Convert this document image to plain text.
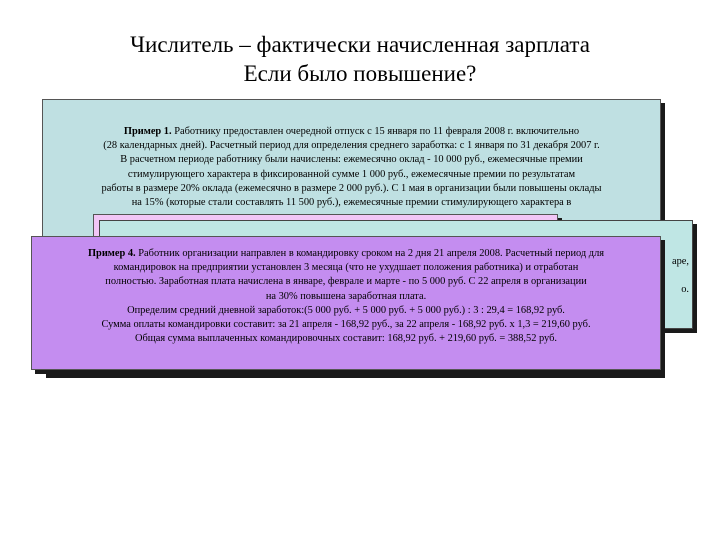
Числитель – фактически начисленная зарплата
Если было повышение?
Пример 1. Работнику предоставлен очередной отпуск с 15 января по 11 февраля 2008 г. включительно
(28 календарных дней). Расчетный период для определения среднего заработка: с 1 января по 31 декабря 2007 г.
В расчетном периоде работнику были начислены: ежемесячно оклад - 10 000 руб., ежемесячные премии
стимулирующего характера в фиксированной сумме 1 000 руб., ежемесячные премии по результатам
работы в размере 20% оклада (ежемесячно в размере 2 000 руб.). С 1 мая в организации были повышены оклады
на 15% (которые стали составлять 11 500 руб.), ежемесячные премии стимулирующего характера в
аре,
о.
Пример 4. Работник организации направлен в командировку сроком на 2 дня 21 апреля 2008. Расчетный период для
командировок на предприятии установлен 3 месяца (что не ухудшает положения работника) и отработан
полностью. Заработная плата начислена в январе, феврале и марте - по 5 000 руб. С 22 апреля в организации
на 30% повышена заработная плата.
Определим средний дневной заработок:(5 000 руб. + 5 000 руб. + 5 000 руб.) : 3 : 29,4 = 168,92 руб.
Сумма оплаты командировки составит: за 21 апреля - 168,92 руб., за 22 апреля - 168,92 руб. х 1,3 = 219,60 руб.
Общая сумма выплаченных командировочных составит: 168,92 руб. + 219,60 руб. = 388,52 руб.
